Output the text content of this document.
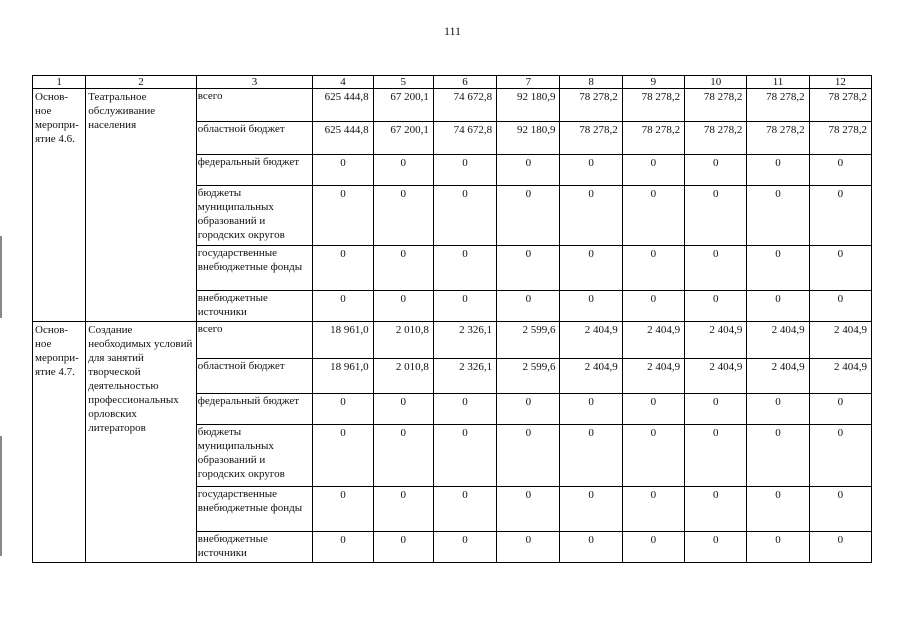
111
1	2	3	4	5	6	7	8	9	10	11	12
Основ-ное меропри-ятие 4.6.	Театральное обслуживание населения	всего	625 444,8	67 200,1	74 672,8	92 180,9	78 278,2	78 278,2	78 278,2	78 278,2	78 278,2
		областной бюджет	625 444,8	67 200,1	74 672,8	92 180,9	78 278,2	78 278,2	78 278,2	78 278,2	78 278,2
		федеральный бюджет	0	0	0	0	0	0	0	0	0
		бюджеты муниципальных образований и городских округов	0	0	0	0	0	0	0	0	0
		государственные внебюджетные фонды	0	0	0	0	0	0	0	0	0
		внебюджетные источники	0	0	0	0	0	0	0	0	0
Основ-ное меропри-ятие 4.7.	Создание необходимых условий для занятий творческой деятельностью профессиональных орловских литераторов	всего	18 961,0	2 010,8	2 326,1	2 599,6	2 404,9	2 404,9	2 404,9	2 404,9	2 404,9
		областной бюджет	18 961,0	2 010,8	2 326,1	2 599,6	2 404,9	2 404,9	2 404,9	2 404,9	2 404,9
		федеральный бюджет	0	0	0	0	0	0	0	0	0
		бюджеты муниципальных образований и городских округов	0	0	0	0	0	0	0	0	0
		государственные внебюджетные фонды	0	0	0	0	0	0	0	0	0
		внебюджетные источники	0	0	0	0	0	0	0	0	0
